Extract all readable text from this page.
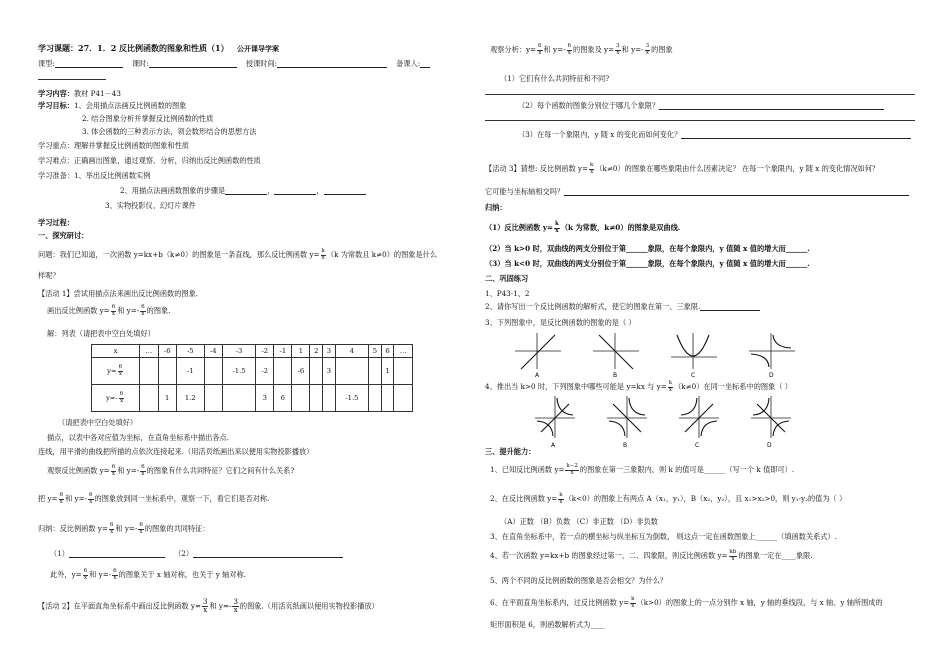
学习课题：27．1．2 反比例函数的图象和性质（1） 公开课导学案
课型:	课时:	授课时间:	备课人:
学习内容：教材 P41－43
学习目标：1、会用描点法画反比例函数的图象
2. 结合图象分析并掌握反比例函数的性质
3. 体会函数的三种表示方法，领会数形结合的思想方法
学习重点：理解并掌握反比例函数的图象和性质
学习难点：正确画出图象，通过观察、分析，归纳出反比例函数的性质
学习准备：1、举出反比例函数实例
2、用描点法画函数图象的步骤是	，	，
3、实物投影仪、幻灯片课件
学习过程：
一、探究研讨：
问题：我们已知道，一次函数 y=kx+b（k≠0）的图象是一条直线，那么反比例函数 $y= \frac{k}{x} (k$ 为常数且 k≠0）的图象是什么
样呢？
【活动 1】尝试用描点法来画出反比例函数的图象.
画出反比例函数 $y= \frac{6}{x}$ 和 $y=- \frac{6}{x}$ 的图象.
解：列表（请把表中空白处填好）
x	…	-6	-5	-4	-3	-2	-1	1	2	3	4	5	6	…
$y= \frac{6}{x}$			-1		-1.5	-2		-6		3			1	
$y=- \frac{6}{x}$		1	1.2			3	6				-1.5			
（请把表中空白处填好）
描点，以表中各对应值为坐标，在直角坐标系中描出各点.
连线，用平滑的曲线把所描的点依次连接起来.（用活页纸画出来以便用实物投影播放）
观察反比例函数 $y= \frac{6}{x}$ 和 $y=- \frac{6}{x}$ 的图象有什么共同特征？它们之间有什么关系?
把 $y= \frac{6}{x}$ 和 $y=- \frac{6}{x}$ 的图象放到同一坐标系中，观察一下，看它们是否对称.
归纳：反比例函数 $y= \frac{6}{x}$ 和 $y=- \frac{6}{x}$ 的图象的共同特征：
（1）	（2）
此外，$y= \frac{6}{x}$ 和 $y=- \frac{6}{x}$ 的图象关于 x 轴对称，也关于 y 轴对称.
【活动 2】在平面直角坐标系中画出反比例函数 $y= \frac{3}{x}$ 和 $y=- \frac{3}{x}$ 的图象.（用活页纸画以便用实物投影播放）
观察分析：$y= \frac{6}{x}$ 和 $y=- \frac{6}{x}$ 的图象及 $y= \frac{3}{x}$ 和 $y=- \frac{3}{x}$ 的图象
（1）它们有什么共同特征和不同?
（2）每个函数的图象分别位于哪几个象限？
（3）在每一个象限内，y 随 x 的变化而如何变化？
【活动 3】猜想: 反比例函数 $y= \frac{k}{x} (k\ne 0)$的图象在哪些象限由什么因素决定？ 在每一个象限内，y 随 x 的变化情况如何？
它可能与坐标轴相交吗？
归纳：
（1）反比例函数 $y= \frac{k}{x} (k$ 为常数，k≠0）的图象是双曲线.
（2）当 k>0 时，双曲线的两支分别位于第______象限，在每个象限内，y 值随 x 值的增大而______.
（3）当 k<0 时，双曲线的两支分别位于第______象限，在每个象限内，y 值随 x 值的增大而______.
二、巩固练习
1、P43-1、2
2、请你写出一个反比例函数的解析式，使它的图象在第一、三象限.
3、下列图象中，是反比例函数的图象的是（ ）
A	B	C	D
4、推出当 k>0 时，下列图象中哪些可能是 y=kx 与 $y= \frac{k}{x} (k\ne 0)$在同一坐标系中的图象（ ）
A	B	C	D
三、提升能力：
1、已知反比例函数 $y= \frac{k-2}{x}$ 的图象在第一三象限内，则 k 的值可是______（写一个 k 值即可）.
2、在反比例函数 $y= \frac{k}{x} (k<0)$的图象上有两点 A（x₁，y₁），B（x₂，y₂），且 x₁>x₂>0，则 y₁-y₂的值为（ ）
（A）正数 （B）负数 （C）非正数 （D）非负数
3、在直角坐标系中，若一点的横坐标与纵坐标互为倒数， 则这点一定在函数图象上______（填函数关系式）.
4、若一次函数 y=kx+b 的图象经过第一、二、四象限，则反比例函数 $y= \frac{kb}{x}$ 的图象一定在____象限.
5、两个不同的反比例函数的图象是否会相交？为什么？
6、在平面直角坐标系内，过反比例函数 $y= \frac{k}{x} (k>0)$的图象上的一点分别作 x 轴，y 轴的垂线段，与 x 轴、y 轴所围成的
矩形面积是 6，则函数解析式为____
